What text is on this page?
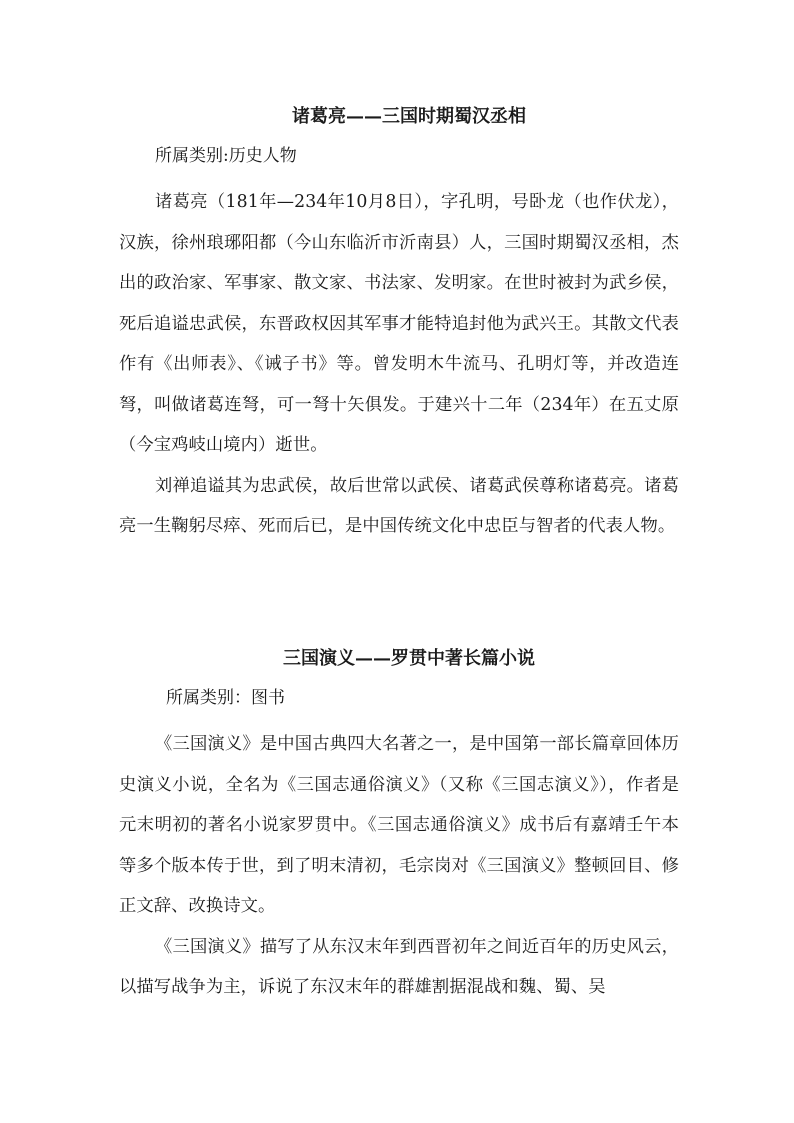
诸葛亮——三国时期蜀汉丞相

所属类别:历史人物

诸葛亮（181年—234年10月8日），字孔明，号卧龙（也作伏龙），汉族，徐州琅琊阳都（今山东临沂市沂南县）人，三国时期蜀汉丞相，杰出的政治家、军事家、散文家、书法家、发明家。在世时被封为武乡侯，死后追谥忠武侯，东晋政权因其军事才能特追封他为武兴王。其散文代表作有《出师表》、《诫子书》等。曾发明木牛流马、孔明灯等，并改造连弩，叫做诸葛连弩，可一弩十矢俱发。于建兴十二年（234年）在五丈原（今宝鸡岐山境内）逝世。

刘禅追谥其为忠武侯，故后世常以武侯、诸葛武侯尊称诸葛亮。诸葛亮一生鞠躬尽瘁、死而后已，是中国传统文化中忠臣与智者的代表人物。

三国演义——罗贯中著长篇小说

所属类别：图书

《三国演义》是中国古典四大名著之一，是中国第一部长篇章回体历史演义小说，全名为《三国志通俗演义》（又称《三国志演义》），作者是元末明初的著名小说家罗贯中。《三国志通俗演义》成书后有嘉靖壬午本等多个版本传于世，到了明末清初，毛宗岗对《三国演义》整顿回目、修正文辞、改换诗文。

《三国演义》描写了从东汉末年到西晋初年之间近百年的历史风云，以描写战争为主，诉说了东汉末年的群雄割据混战和魏、蜀、吴
